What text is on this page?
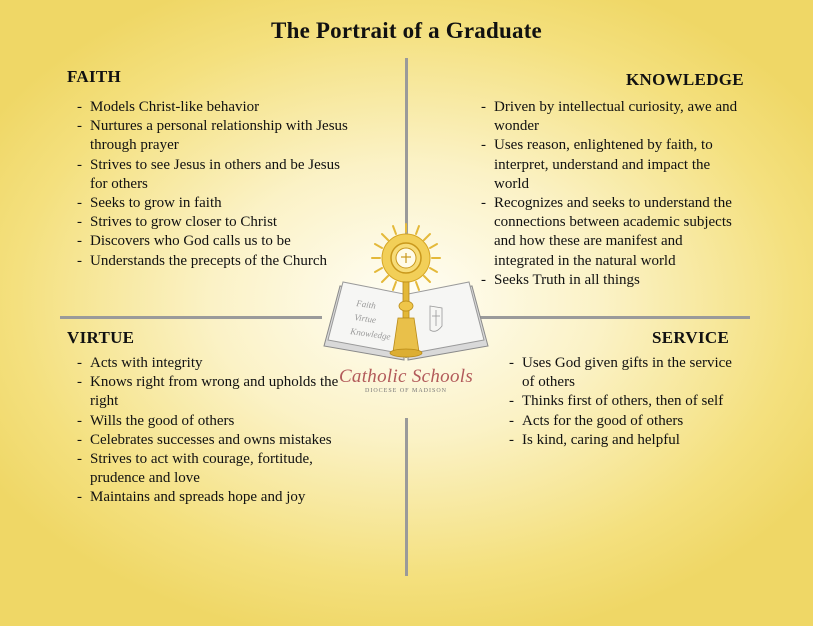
The Portrait of a Graduate
FAITH
- Models Christ-like behavior
- Nurtures a personal relationship with Jesus through prayer
- Strives to see Jesus in others and be Jesus for others
- Seeks to grow in faith
- Strives to grow closer to Christ
- Discovers who God calls us to be
- Understands the precepts of the Church
KNOWLEDGE
- Driven by intellectual curiosity, awe and wonder
- Uses reason, enlightened by faith, to interpret, understand and impact the world
- Recognizes and seeks to understand the connections between academic subjects and how these are manifest and integrated in the natural world
- Seeks Truth in all things
VIRTUE
- Acts with integrity
- Knows right from wrong and upholds the right
- Wills the good of others
- Celebrates successes and owns mistakes
- Strives to act with courage, fortitude, prudence and love
- Maintains and spreads hope and joy
SERVICE
- Uses God given gifts in the service of others
- Thinks first of others, then of self
- Acts for the good of others
- Is kind, caring and helpful
Faith
Virtue
Knowledge
Catholic Schools
DIOCESE OF MADISON
